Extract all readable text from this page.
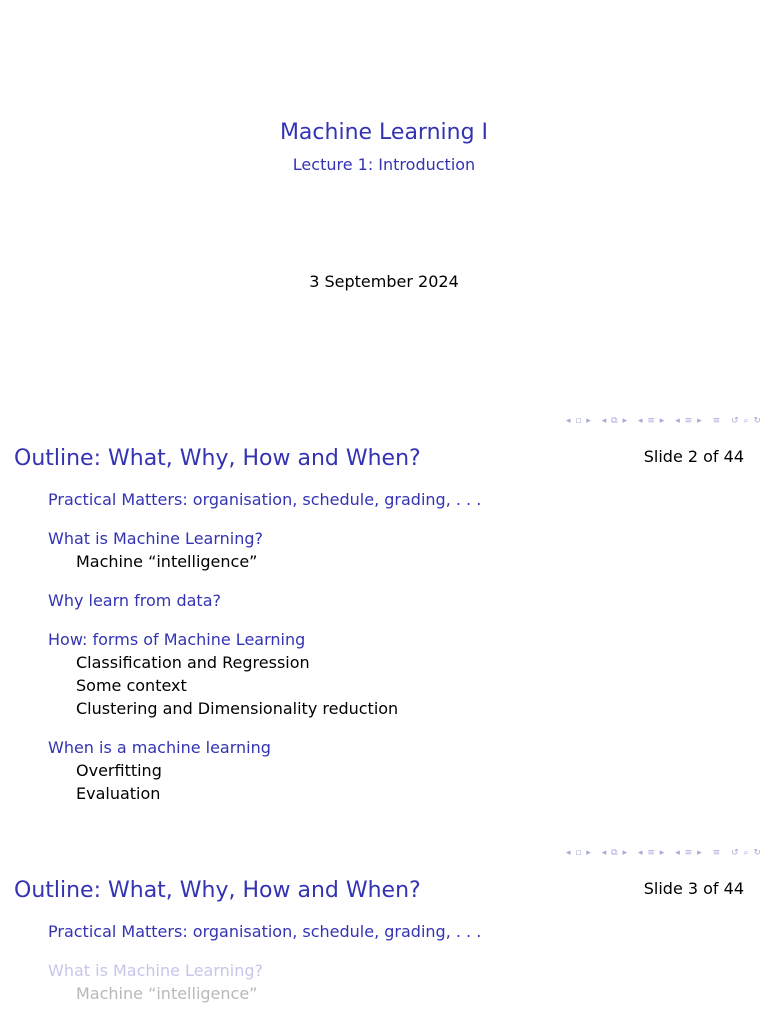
Machine Learning I
Lecture 1: Introduction
3 September 2024
◂ ▫ ▸ ◂ ⧉ ▸ ◂ ≡ ▸ ◂ ≡ ▸ ≡ ↺ ⌕ ↻
Outline: What, Why, How and When?	Slide 2 of 44
Practical Matters: organisation, schedule, grading, . . .
What is Machine Learning?
Machine “intelligence”
Why learn from data?
How: forms of Machine Learning
Classification and Regression
Some context
Clustering and Dimensionality reduction
When is a machine learning
Overfitting
Evaluation
◂ ▫ ▸ ◂ ⧉ ▸ ◂ ≡ ▸ ◂ ≡ ▸ ≡ ↺ ⌕ ↻
Outline: What, Why, How and When?	Slide 3 of 44
Practical Matters: organisation, schedule, grading, . . .
What is Machine Learning?
Machine “intelligence”
